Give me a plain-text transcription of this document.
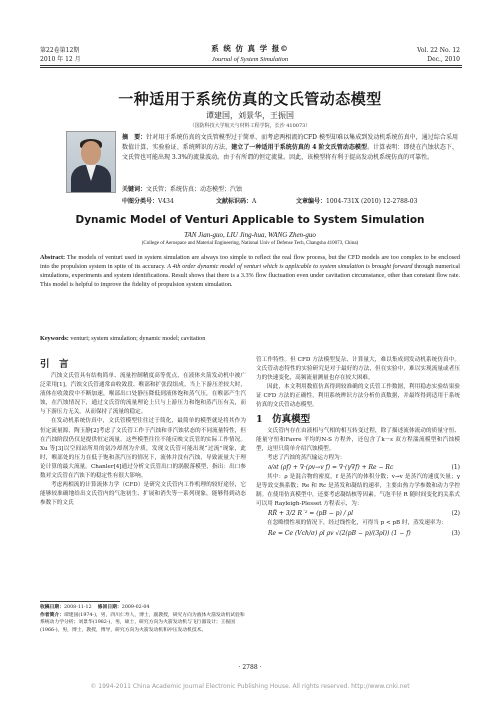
第22卷第12期
2010 年 12 月
系 统 仿 真 学 报©
Journal of System Simulation
Vol. 22 No. 12
Dec., 2010
一种适用于系统仿真的文氏管动态模型
谭建国，刘景华，王振国
（国防科技大学航天与材料工程学院，长沙 410073）
摘　要：针对用于系统仿真的文氏管模型过于简单、而考虑两相流的CFD 模型却难以集成到发动机系统仿真中，通过综合采用数值计算、实验验证、系统辨识的方法，建立了一种适用于系统仿真的 4 阶文氏管动态模型。计算表明：即使在汽蚀状态下，文氏管也可能出现 3.3%的流量波动。由于有所谓的恒定流量。因此，该模型将有利于提高发动机系统仿真的可靠性。
关键词：文氏管；系统仿真；动态模型；汽蚀
中图分类号：V434	文献标识码：A	文章编号：1004-731X (2010) 12-2788-03
Dynamic Model of Venturi Applicable to System Simulation
TAN Jian-guo, LIU Jing-hua, WANG Zhen-guo
(College of Aerospace and Material Engineering, National Univ of Defense Tech, Changsha 410073, China)
Abstract: The models of venturi used in system simulation are always too simple to reflect the real flow process, but the CFD models are too complex to be enclosed into the propulsion system in spite of its accuracy. A 4th order dynamic model of venturi which is applicable to system simulation is brought forward through numerical simulations, experiments and system identifications. Result shows that there is a 3.3% flow fluctuation even under cavitation circumstance, other than constant flow rate. This model is helpful to improve the fidelity of propulsion system simulation.
Keywords: venturi; system simulation; dynamic model; cavitation
引　言

汽蚀文氏管具有结构简单、流量控制精度高等优点，在液体火箭发动机中被广泛采用[1]。汽蚀文氏管通常由收敛段、喉部和扩张段组成。当上下游压差较大时，液体在收敛段中不断加速，喉部出口处静压降低到液体饱和蒸气压，在喉部产生汽蚀，在汽蚀情况下，通过文氏管的流量理论上只与上游压力和饱和蒸汽压有关，而与下游压力无关，从而保持了流量的稳定。

在发动机系统仿真中，文氏管模型往往过于简化，最简单的模型就是将其作为恒定流量源，陶玉静[2]考虑了文氏管工作于汽蚀和非汽蚀状态的不同流量特性，但在汽蚀阶段仍仅是提供恒定流量。这些模型往往不能反映文氏管的实际工作情况。Xu 等[3]以空间站所用的氨冷却剂为介质，发现文氏管可能出现“过流”现象，此时，喉部处的压力在低于饱和蒸汽压的情况下，流体并没有汽蚀，导致流量大于理论计算的最大流量。Chanler[4]通过分析文氏管出口的涡脱落模型，指出：出口参数对文氏管在汽蚀下的稳定性有很大影响。

考虑两相流的计算流体力学（CFD）是研究文氏管内工作机理的较好途径，它能够较准确地给出文氏管内的气泡初生、扩展和消失等一系列现象，能够得到动态参数下的文氏

收稿日期：2008-11-12 修回日期：2009-02-04
作者简介：谭建国(1974-)，男，四川仁寿人，博士，副教授，研究方向为液体火箭发动机试验和系统动力学分析；刘景华(1982-)，男，硕士，研究方向为火箭发动机与飞行器设计；王振国(1966-)，男，博士，教授，博导，研究方向为火箭发动机和冲压发动机技术。

管工作特性。但 CFD 方法模型复杂、计算量大，难以集成到发动机系统仿真中。文氏管动态特性的实验研究是对于最好的方法，但在实验中，难以实现流量或者压力的快速变化，高频流量测量也存在较大困难。

因此，本文利用数值仿真得到较准确的文氏管工作数据，利用稳态实验结果验证 CFD 方法的正确性，利用系统辨识方法分析仿真数据，并最终得到适用于系统仿真的文氏管动态模型。

1　仿真模型

文氏管内存在由液相与气相的相互转变过程，除了描述流体流动的质量守恒、能量守恒和Favre 平均的N-S 方程外，还包含了k－ε 双方程湍流模型和汽蚀模型，这里只简单介绍汽蚀模型。

考虑了汽蚀的蒸汽输运方程为：

∂/∂t (ρf) + ∇·(ρv→v f) = ∇·(γ∇f) + Re − Rc	(1)

其中：ρ 是混合物的密度，f 是蒸汽的体积分数；v→v 是蒸汽的速度矢量；γ 是等效交换系数；Re 和 Rc 是蒸发和凝结的速率，主要由热力学参数和动力学控制。在使用仿真模型中，还要考虑凝结核等因素。气泡半径 R 随时间变化的关系式可以用 Rayleigh-Plesset 方程表示，为：

RR̈ + 3/2 R˙² = (pB − p) / ρl	(2)

在忽略惯性项的情况下，经过线性化，可得当 p < pB 时，蒸发速率为：

Re = Ce (Vch/σ) ρl ρv √(2(pB − p)/(3ρl)) (1 − f)	(3)
· 2788 ·
© 1994-2011 China Academic Journal Electronic Publishing House. All rights reserved. http://www.cnki.net
